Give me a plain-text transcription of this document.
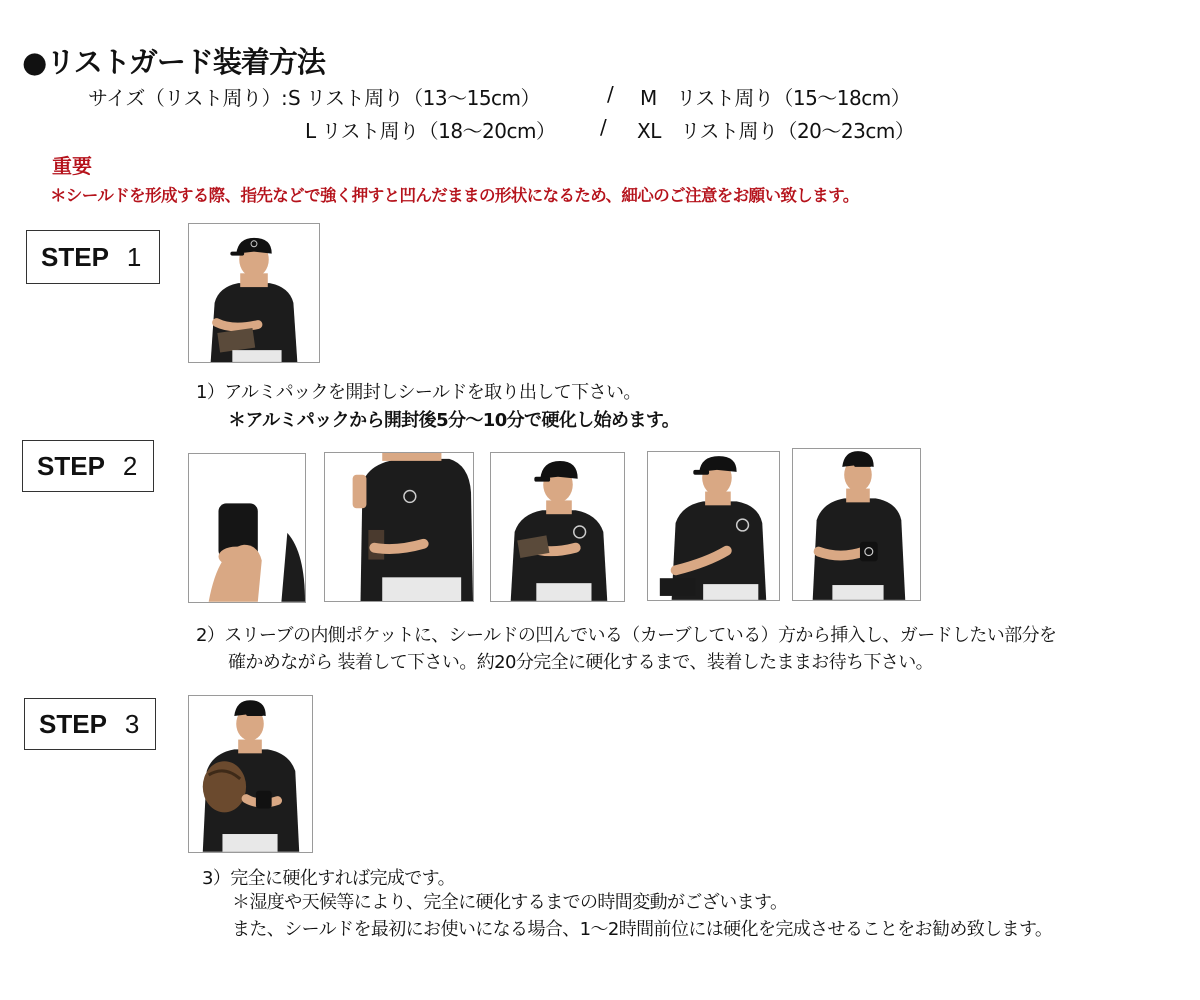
●リストガード装着方法
サイズ（リスト周り）: S リスト周り（13～15cm）	/ M　リスト周り（15～18cm）
L リスト周り（18～20cm） / XL　リスト周り（20～23cm）
重要
＊シールドを形成する際、指先などで強く押すと凹んだままの形状になるため、細心のご注意をお願い致します。
STEP 1
1）アルミパックを開封しシールドを取り出して下さい。
＊アルミパックから開封後5分～10分で硬化し始めます。
STEP 2
2）スリーブの内側ポケットに、シールドの凹んでいる（カーブしている）方から挿入し、ガードしたい部分を
確かめながら 装着して下さい。約20分完全に硬化するまで、装着したままお待ち下さい。
STEP 3
3）完全に硬化すれば完成です。
＊湿度や天候等により、完全に硬化するまでの時間変動がございます。
また、シールドを最初にお使いになる場合、1～2時間前位には硬化を完成させることをお勧め致します。
